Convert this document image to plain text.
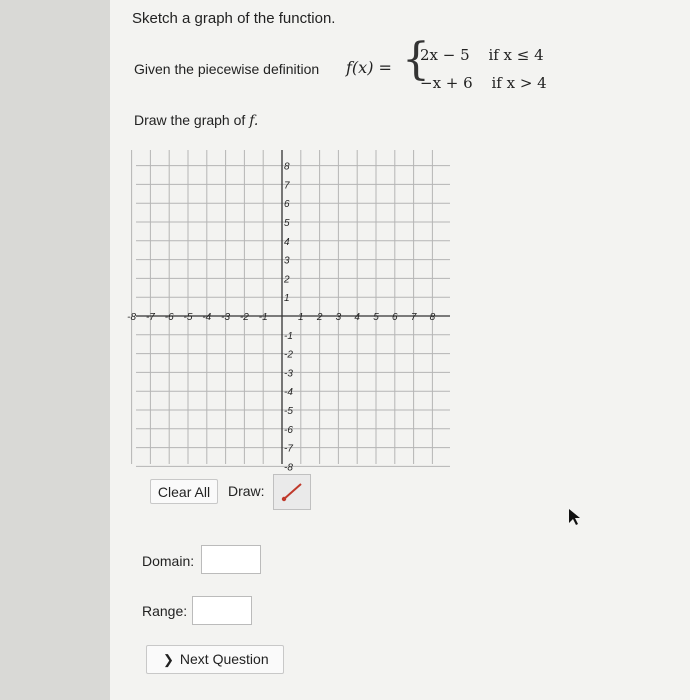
Sketch a graph of the function.
Given the piecewise definition f(x) = {
2x − 5 if x ≤ 4
−x + 6 if x > 4
Draw the graph of f.
-8 -7 -6 -5 -4 -3 -2 -1	1 2 3 4 5 6 7 8
8
7
6
5
4
3
2
1
-1
-2
-3
-4
-5
-6
-7
-8
Clear All	Draw:
Domain:
Range:
❯ Next Question
